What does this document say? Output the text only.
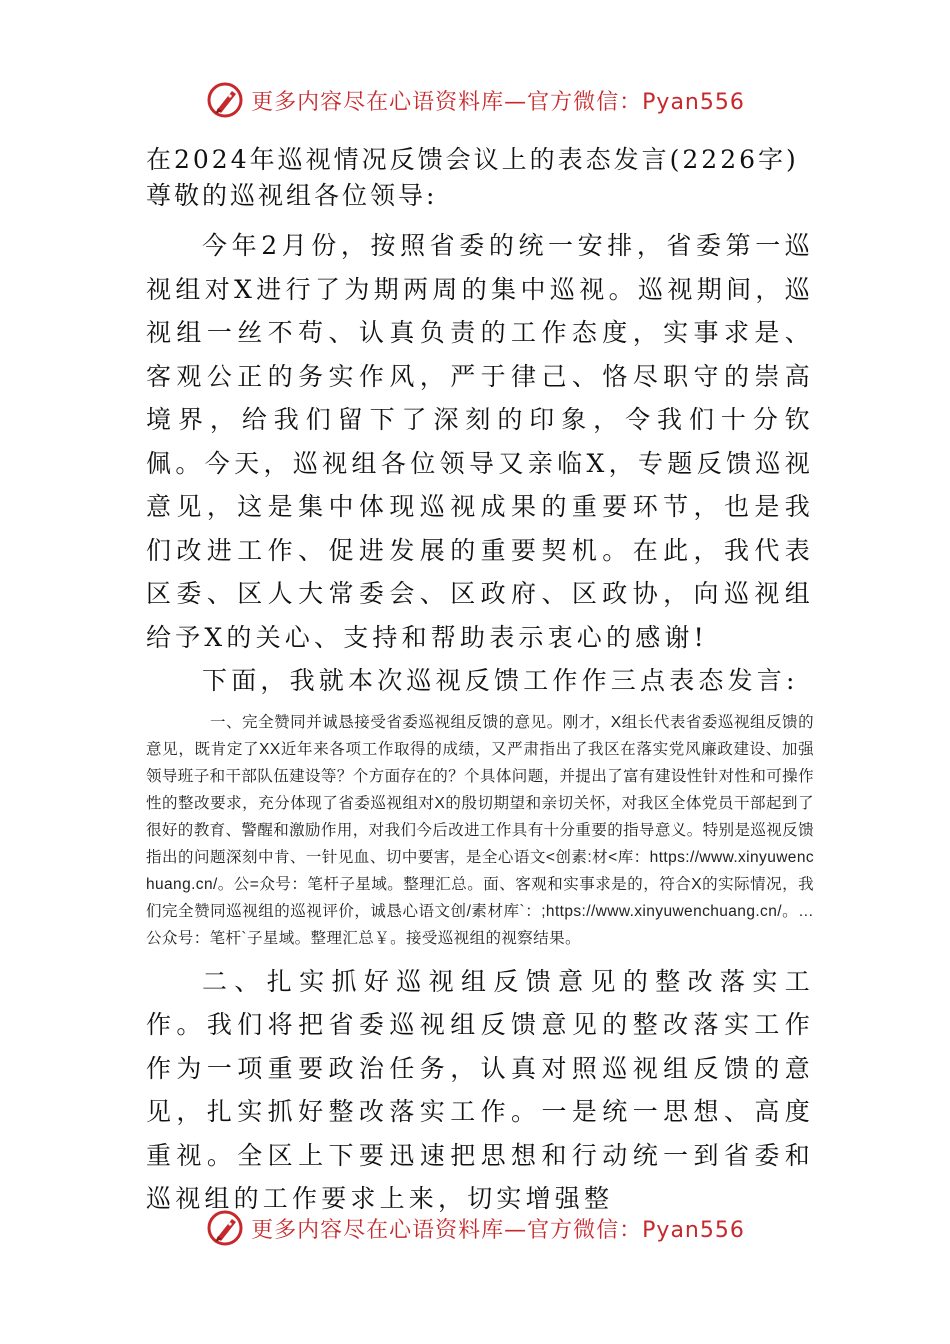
更多内容尽在心语资料库—官方微信：Pyan556
在2024年巡视情况反馈会议上的表态发言(2226字)
尊敬的巡视组各位领导:

今年2月份，按照省委的统一安排，省委第一巡视组对X进行了为期两周的集中巡视。巡视期间，巡视组一丝不苟、认真负责的工作态度，实事求是、客观公正的务实作风，严于律己、恪尽职守的崇高境界，给我们留下了深刻的印象，令我们十分钦佩。今天，巡视组各位领导又亲临X，专题反馈巡视意见，这是集中体现巡视成果的重要环节，也是我们改进工作、促进发展的重要契机。在此，我代表区委、区人大常委会、区政府、区政协，向巡视组给予X的关心、支持和帮助表示衷心的感谢!

下面，我就本次巡视反馈工作作三点表态发言:

一、完全赞同并诚恳接受省委巡视组反馈的意见。刚才，X组长代表省委巡视组反馈的意见，既肯定了XX近年来各项工作取得的成绩，又严肃指出了我区在落实党风廉政建设、加强领导班子和干部队伍建设等？个方面存在的？个具体问题，并提出了富有建设性针对性和可操作性的整改要求，充分体现了省委巡视组对X的殷切期望和亲切关怀，对我区全体党员干部起到了很好的教育、警醒和激励作用，对我们今后改进工作具有十分重要的指导意义。特别是巡视反馈指出的问题深刻中肯、一针见血、切中要害，是全心语文<创素:材<库：https://www.xinyuwenchuang.cn/。公=众号：笔杆子星域。整理汇总。面、客观和实事求是的，符合X的实际情况，我们完全赞同巡视组的巡视评价，诚恳心语文创/素材库`：;https://www.xinyuwenchuang.cn/。…公众号：笔杆`子星域。整理汇总￥。接受巡视组的视察结果。

二、扎实抓好巡视组反馈意见的整改落实工作。我们将把省委巡视组反馈意见的整改落实工作作为一项重要政治任务，认真对照巡视组反馈的意见，扎实抓好整改落实工作。一是统一思想、高度重视。全区上下要迅速把思想和行动统一到省委和巡视组的工作要求上来，切实增强整

更多内容尽在心语资料库—官方微信：Pyan556
